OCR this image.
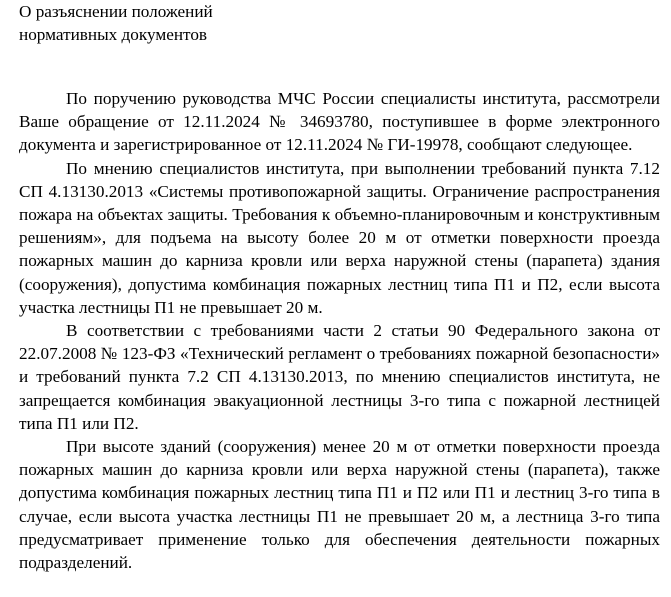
О разъяснении положений
нормативных документов

По поручению руководства МЧС России специалисты института, рассмотрели Ваше обращение от 12.11.2024 № 34693780, поступившее в форме электронного документа и зарегистрированное от 12.11.2024 № ГИ-19978, сообщают следующее.

По мнению специалистов института, при выполнении требований пункта 7.12 СП 4.13130.2013 «Системы противопожарной защиты. Ограничение распространения пожара на объектах защиты. Требования к объемно-планировочным и конструктивным решениям», для подъема на высоту более 20 м от отметки поверхности проезда пожарных машин до карниза кровли или верха наружной стены (парапета) здания (сооружения), допустима комбинация пожарных лестниц типа П1 и П2, если высота участка лестницы П1 не превышает 20 м.

В соответствии с требованиями части 2 статьи 90 Федерального закона от 22.07.2008 № 123-ФЗ «Технический регламент о требованиях пожарной безопасности» и требований пункта 7.2 СП 4.13130.2013, по мнению специалистов института, не запрещается комбинация эвакуационной лестницы 3-го типа с пожарной лестницей типа П1 или П2.

При высоте зданий (сооружения) менее 20 м от отметки поверхности проезда пожарных машин до карниза кровли или верха наружной стены (парапета), также допустима комбинация пожарных лестниц типа П1 и П2 или П1 и лестниц 3-го типа в случае, если высота участка лестницы П1 не превышает 20 м, а лестница 3-го типа предусматривает применение только для обеспечения деятельности пожарных подразделений.
